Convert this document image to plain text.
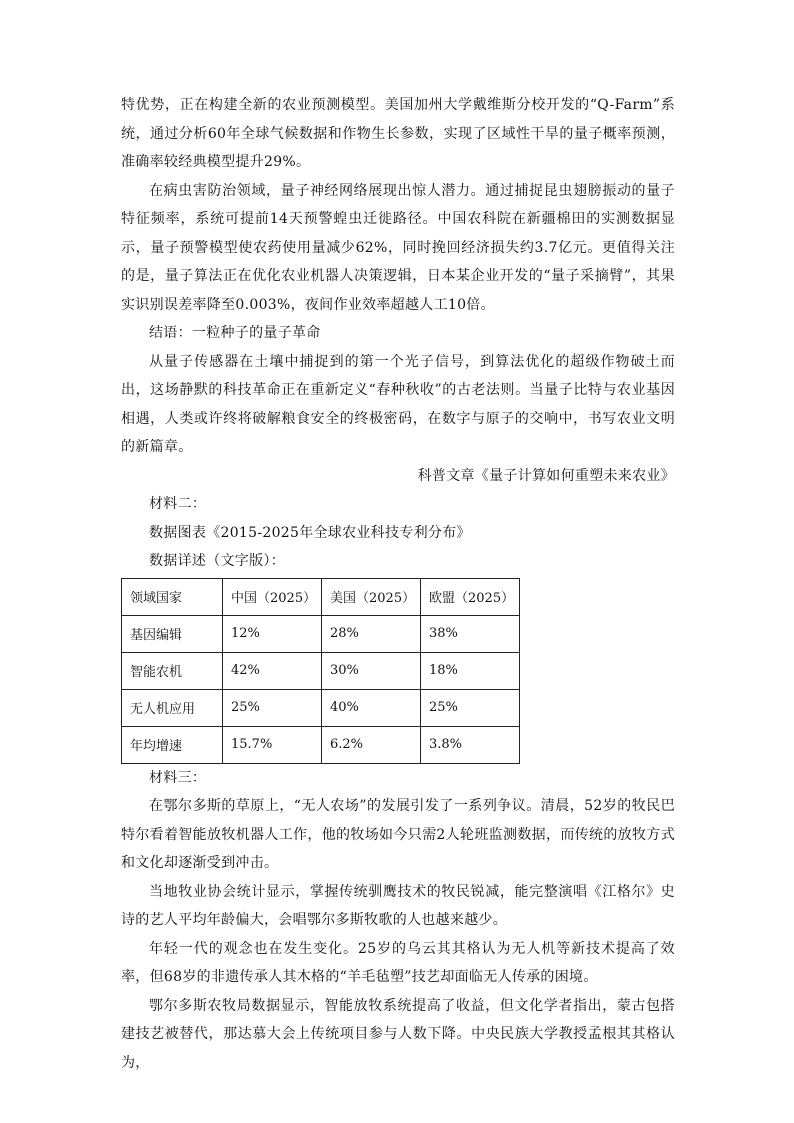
特优势，正在构建全新的农业预测模型。美国加州大学戴维斯分校开发的“Q-Farm”系统，通过分析60年全球气候数据和作物生长参数，实现了区域性干旱的量子概率预测，准确率较经典模型提升29%。

在病虫害防治领域，量子神经网络展现出惊人潜力。通过捕捉昆虫翅膀振动的量子特征频率，系统可提前14天预警蝗虫迁徙路径。中国农科院在新疆棉田的实测数据显示，量子预警模型使农药使用量减少62%，同时挽回经济损失约3.7亿元。更值得关注的是，量子算法正在优化农业机器人决策逻辑，日本某企业开发的“量子采摘臂”，其果实识别误差率降至0.003%，夜间作业效率超越人工10倍。

结语：一粒种子的量子革命

从量子传感器在土壤中捕捉到的第一个光子信号，到算法优化的超级作物破土而出，这场静默的科技革命正在重新定义“春种秋收”的古老法则。当量子比特与农业基因相遇，人类或许终将破解粮食安全的终极密码，在数字与原子的交响中，书写农业文明的新篇章。

科普文章《量子计算如何重塑未来农业》

材料二：

数据图表《2015-2025年全球农业科技专利分布》

数据详述（文字版）：

领域国家	中国（2025）	美国（2025）	欧盟（2025）
基因编辑	12%	28%	38%
智能农机	42%	30%	18%
无人机应用	25%	40%	25%
年均增速	15.7%	6.2%	3.8%

材料三：

在鄂尔多斯的草原上，“无人农场”的发展引发了一系列争议。清晨，52岁的牧民巴特尔看着智能放牧机器人工作，他的牧场如今只需2人轮班监测数据，而传统的放牧方式和文化却逐渐受到冲击。

当地牧业协会统计显示，掌握传统驯鹰技术的牧民锐减，能完整演唱《江格尔》史诗的艺人平均年龄偏大，会唱鄂尔多斯牧歌的人也越来越少。

年轻一代的观念也在发生变化。25岁的乌云其其格认为无人机等新技术提高了效率，但68岁的非遗传承人其木格的“羊毛毡塑”技艺却面临无人传承的困境。

鄂尔多斯农牧局数据显示，智能放牧系统提高了收益，但文化学者指出，蒙古包搭建技艺被替代，那达慕大会上传统项目参与人数下降。中央民族大学教授孟根其其格认为，
